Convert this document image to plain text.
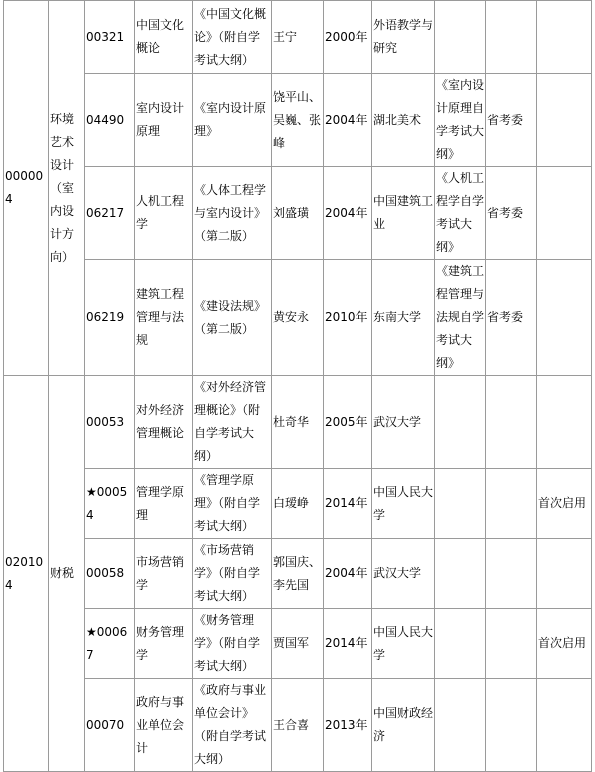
000004	环境艺术设计（室内设计方向）	00321	中国文化概论	《中国文化概论》（附自学考试大纲）	王宁	2000年	外语教学与研究			
		04490	室内设计原理	《室内设计原理》	饶平山、吴巍、张峰	2004年	湖北美术	《室内设计原理自学考试大纲》	省考委	
		06217	人机工程学	《人体工程学与室内设计》（第二版）	刘盛璜	2004年	中国建筑工业	《人机工程学自学考试大纲》	省考委	
		06219	建筑工程管理与法规	《建设法规》（第二版）	黄安永	2010年	东南大学	《建筑工程管理与法规自学考试大纲》	省考委	
020104	财税	00053	对外经济管理概论	《对外经济管理概论》（附自学考试大纲）	杜奇华	2005年	武汉大学			
		★00054	管理学原理	《管理学原理》（附自学考试大纲）	白瑷峥	2014年	中国人民大学			首次启用
		00058	市场营销学	《市场营销学》（附自学考试大纲）	郭国庆、李先国	2004年	武汉大学			
		★00067	财务管理学	《财务管理学》（附自学考试大纲）	贾国军	2014年	中国人民大学			首次启用
		00070	政府与事业单位会计	《政府与事业单位会计》（附自学考试大纲）	王合喜	2013年	中国财政经济			
